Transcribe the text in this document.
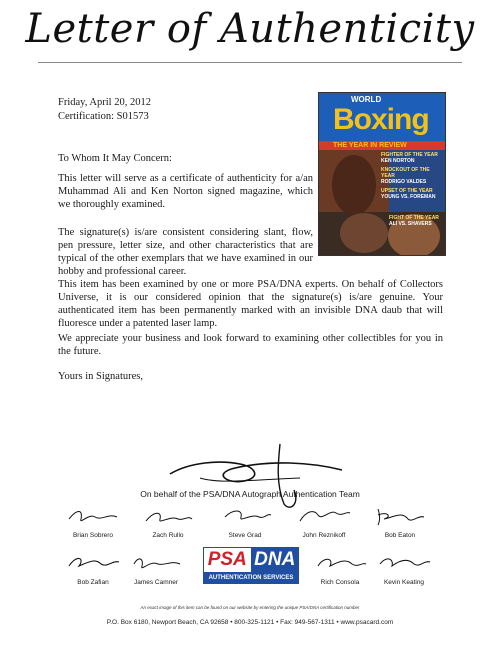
Letter of Authenticity
Friday, April 20, 2012
Certification: S01573
WORLD
Boxing
THE YEAR IN REVIEW
FIGHTER OF THE YEAR
KEN NORTON
KNOCKOUT OF THE YEAR
RODRIGO VALDES
UPSET OF THE YEAR
YOUNG VS. FOREMAN
FIGHT OF THE YEAR
ALI VS. SHAVERS
To Whom It May Concern:
This letter will serve as a certificate of authenticity for a/an Muhammad Ali and Ken Norton signed magazine, which we thoroughly examined.
The signature(s) is/are consistent considering slant, flow, pen pressure, letter size, and other characteristics that are typical of the other exemplars that we have examined in our hobby and professional career.
This item has been examined by one or more PSA/DNA experts. On behalf of Collectors Universe, it is our considered opinion that the signature(s) is/are genuine. Your authenticated item has been permanently marked with an invisible DNA daub that will fluoresce under a patented laser lamp.
We appreciate your business and look forward to examining other collectibles for you in the future.
Yours in Signatures,
On behalf of the PSA/DNA Autograph Authentication Team
Brian Sobrero	Zach Rullo	Steve Grad	John Reznikoff	Bob Eaton
Bob Zafian	James Camner	Rich Consola	Kevin Keating
PSA DNA
AUTHENTICATION SERVICES
An exact image of this item can be found on our website by entering the unique PSA/DNA certification number
P.O. Box 6180, Newport Beach, CA 92658 • 800-325-1121 • Fax: 949-567-1311 • www.psacard.com
